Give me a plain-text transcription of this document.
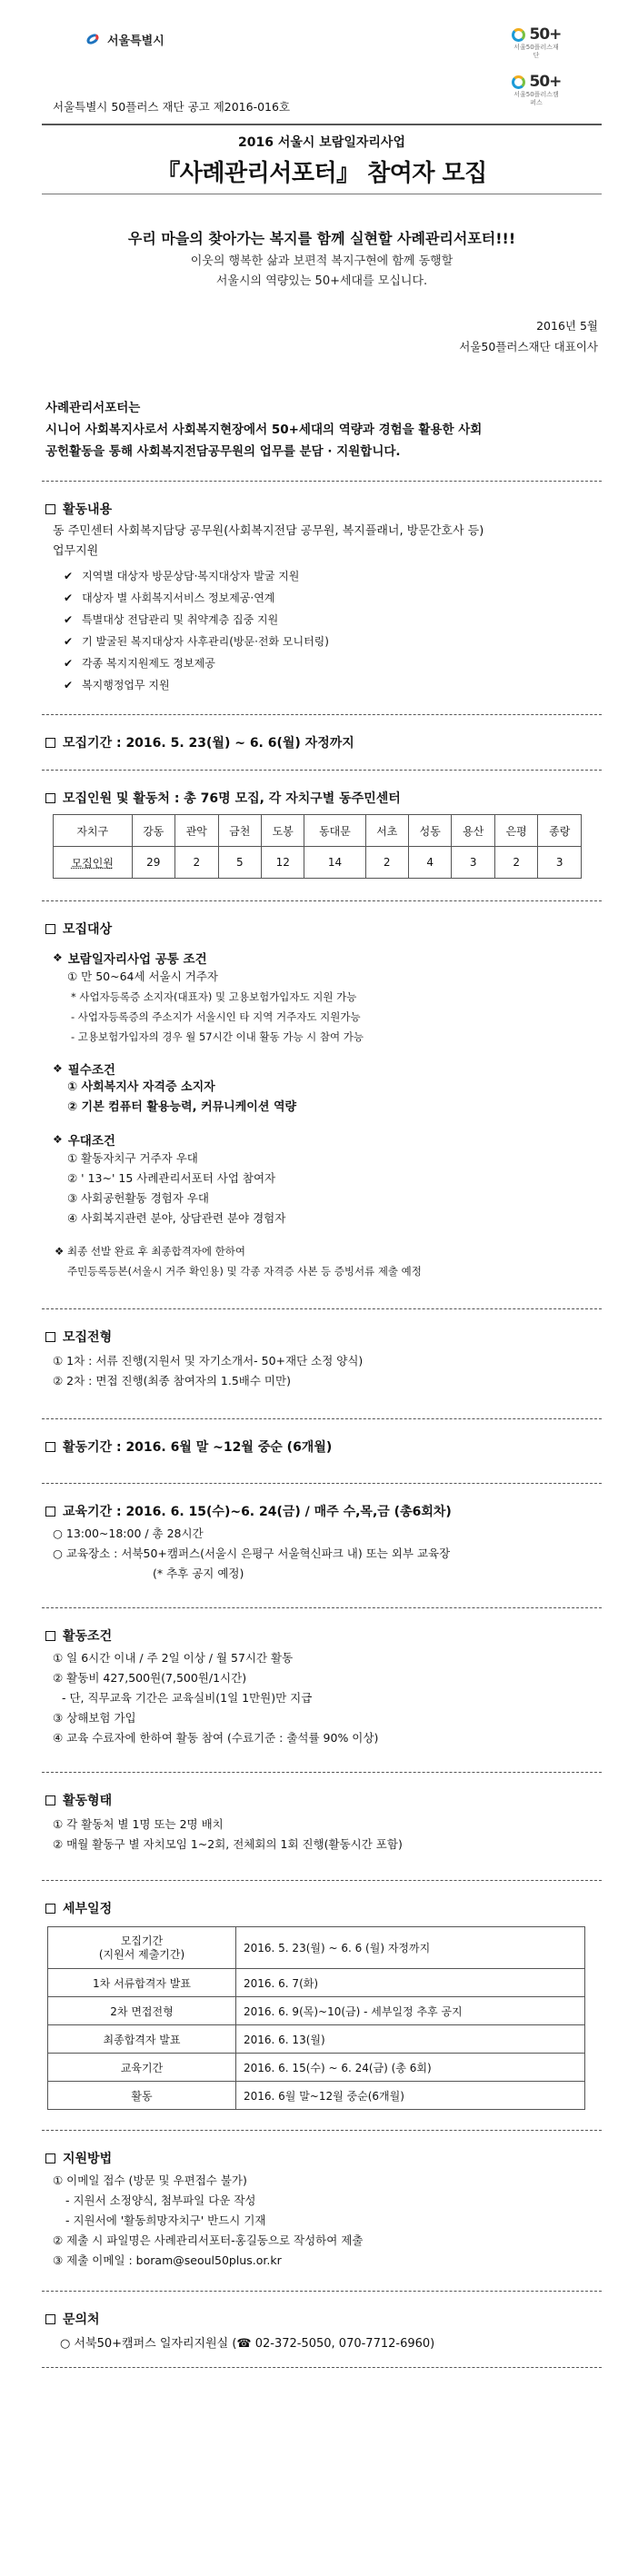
서울특별시	50+
서울50플러스재단
50+
서울50플러스캠퍼스
서울특별시 50플러스 재단 공고 제2016-016호
2016 서울시 보람일자리사업
『사례관리서포터』 참여자 모집
우리 마을의 찾아가는 복지를 함께 실현할 사례관리서포터!!!
이웃의 행복한 삶과 보편적 복지구현에 함께 동행할
서울시의 역량있는 50+세대를 모십니다.
2016년 5월
서울50플러스재단 대표이사
사례관리서포터는
시니어 사회복지사로서 사회복지현장에서 50+세대의 역량과 경험을 활용한 사회
공헌활동을 통해 사회복지전담공무원의 업무를 분담 · 지원합니다.
활동내용
동 주민센터 사회복지담당 공무원(사회복지전담 공무원, 복지플래너, 방문간호사 등)
업무지원
✔ 지역별 대상자 방문상담·복지대상자 발굴 지원
✔ 대상자 별 사회복지서비스 정보제공·연계
✔ 특별대상 전담관리 및 취약계층 집중 지원
✔ 기 발굴된 복지대상자 사후관리(방문·전화 모니터링)
✔ 각종 복지지원제도 정보제공
✔ 복지행정업무 지원
모집기간 : 2016. 5. 23(월) ~ 6. 6(월) 자정까지
모집인원 및 활동처 : 총 76명 모집, 각 자치구별 동주민센터
자치구	강동	관악	금천	도봉	동대문	서초	성동	용산	은평	종랑
모집인원	29	2	5	12	14	2	4	3	2	3
모집대상
❖ 보람일자리사업 공통 조건
① 만 50~64세 서울시 거주자
* 사업자등록증 소지자(대표자) 및 고용보험가입자도 지원 가능
- 사업자등록증의 주소지가 서울시인 타 지역 거주자도 지원가능
- 고용보험가입자의 경우 월 57시간 이내 활동 가능 시 참여 가능
❖ 필수조건
① 사회복지사 자격증 소지자
② 기본 컴퓨터 활용능력, 커뮤니케이션 역량
❖ 우대조건
① 활동자치구 거주자 우대
② ' 13~' 15 사례관리서포터 사업 참여자
③ 사회공헌활동 경험자 우대
④ 사회복지관련 분야, 상담관련 분야 경험자
❖ 최종 선발 완료 후 최종합격자에 한하여
주민등록등본(서울시 거주 확인용) 및 각종 자격증 사본 등 증빙서류 제출 예정
모집전형
① 1차 : 서류 진행(지원서 및 자기소개서- 50+재단 소정 양식)
② 2차 : 면접 진행(최종 참여자의 1.5배수 미만)
활동기간 : 2016. 6월 말 ~12월 중순 (6개월)
교육기간 : 2016. 6. 15(수)~6. 24(금) / 매주 수,목,금 (총6회차)
○ 13:00~18:00 / 총 28시간
○ 교육장소 : 서북50+캠퍼스(서울시 은평구 서울혁신파크 내) 또는 외부 교육장
(* 추후 공지 예정)
활동조건
① 일 6시간 이내 / 주 2일 이상 / 월 57시간 활동
② 활동비 427,500원(7,500원/1시간)
- 단, 직무교육 기간은 교육실비(1일 1만원)만 지급
③ 상해보험 가입
④ 교육 수료자에 한하여 활동 참여 (수료기준 : 출석률 90% 이상)
활동형태
① 각 활동처 별 1명 또는 2명 배치
② 매월 활동구 별 자치모임 1~2회, 전체회의 1회 진행(활동시간 포함)
세부일정
모집기간
(지원서 제출기간)	2016. 5. 23(월) ~ 6. 6 (월) 자정까지
1차 서류합격자 발표	2016. 6. 7(화)
2차 면접전형	2016. 6. 9(목)~10(금) - 세부일정 추후 공지
최종합격자 발표	2016. 6. 13(월)
교육기간	2016. 6. 15(수) ~ 6. 24(금) (총 6회)
활동	2016. 6월 말~12월 중순(6개월)
지원방법
① 이메일 접수 (방문 및 우편접수 불가)
- 지원서 소정양식, 첨부파일 다운 작성
- 지원서에 '활동희망자치구' 반드시 기재
② 제출 시 파일명은 사례관리서포터-홍길동으로 작성하여 제출
③ 제출 이메일 : boram@seoul50plus.or.kr
문의처
○ 서북50+캠퍼스 일자리지원실 (☎ 02-372-5050, 070-7712-6960)
